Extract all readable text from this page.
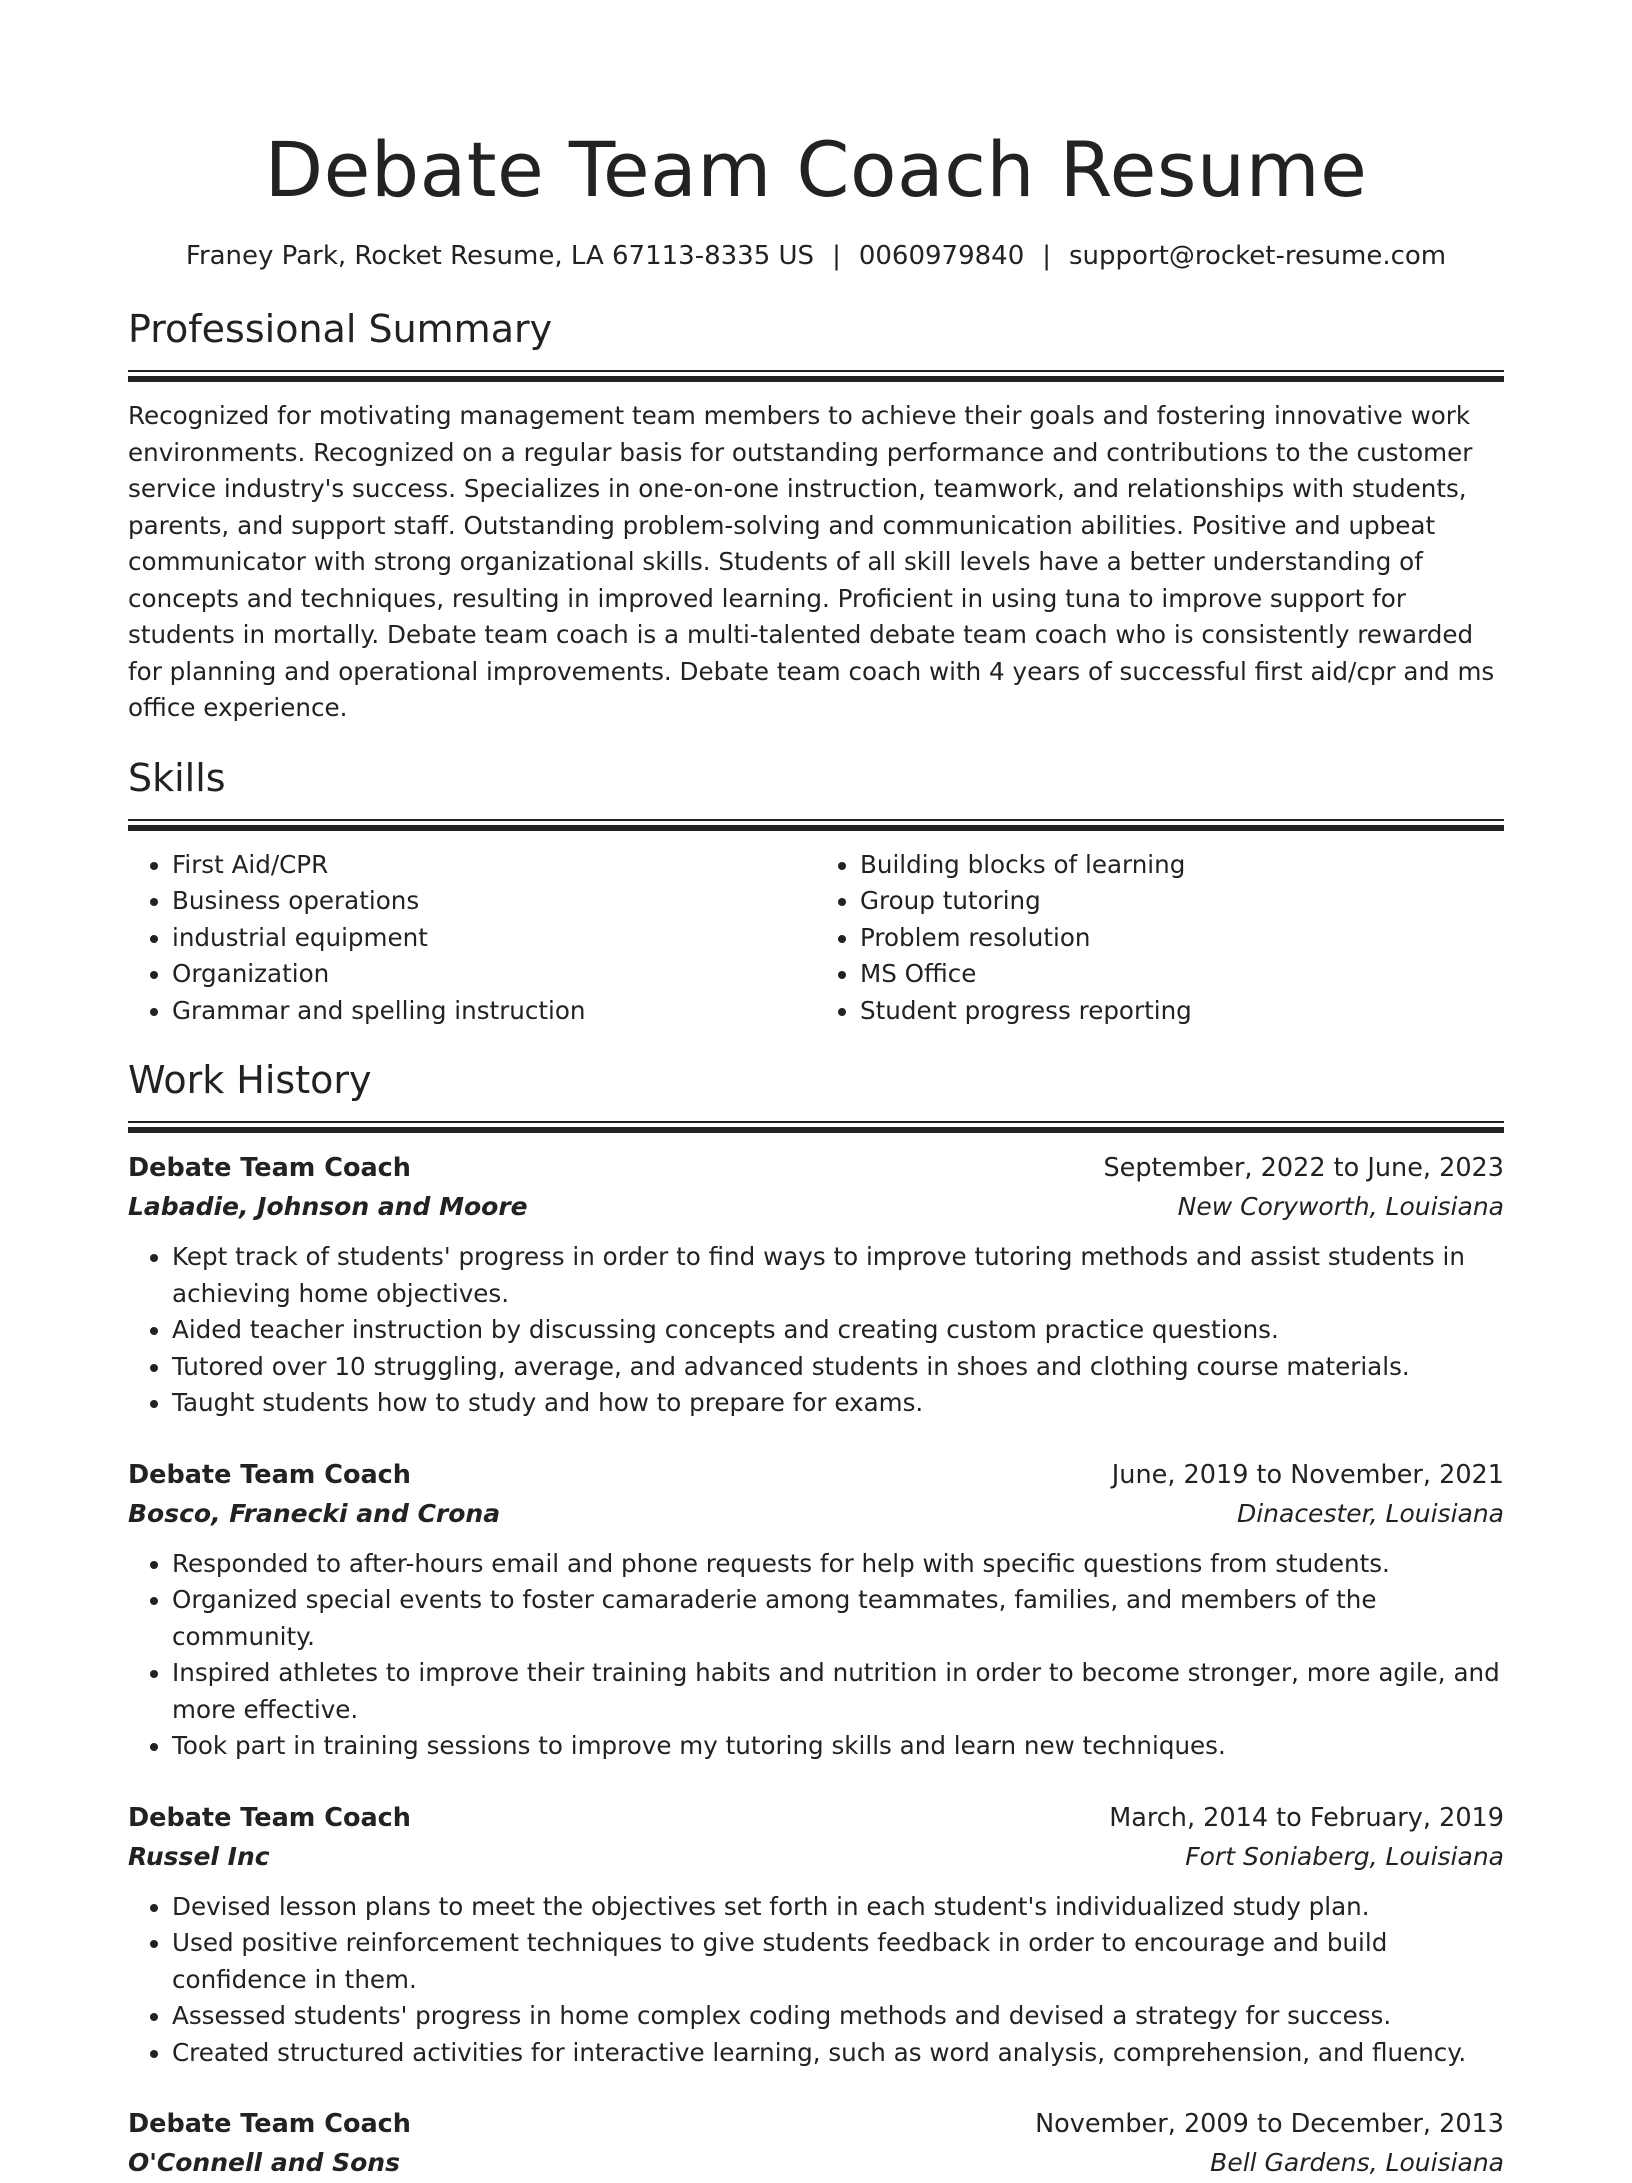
Debate Team Coach Resume
Franey Park, Rocket Resume, LA 67113-8335 US | 0060979840 | support@rocket-resume.com
Professional Summary

Recognized for motivating management team members to achieve their goals and fostering innovative work environments. Recognized on a regular basis for outstanding performance and contributions to the customer service industry's success. Specializes in one-on-one instruction, teamwork, and relationships with students, parents, and support staff. Outstanding problem-solving and communication abilities. Positive and upbeat communicator with strong organizational skills. Students of all skill levels have a better understanding of concepts and techniques, resulting in improved learning. Proficient in using tuna to improve support for students in mortally. Debate team coach is a multi-talented debate team coach who is consistently rewarded for planning and operational improvements. Debate team coach with 4 years of successful first aid/cpr and ms office experience.

Skills
• First Aid/CPR
• Business operations
• industrial equipment
• Organization
• Grammar and spelling instruction
• Building blocks of learning
• Group tutoring
• Problem resolution
• MS Office
• Student progress reporting
Work History
Debate Team Coach	September, 2022 to June, 2023
Labadie, Johnson and Moore	New Coryworth, Louisiana
• Kept track of students' progress in order to find ways to improve tutoring methods and assist students in achieving home objectives.
• Aided teacher instruction by discussing concepts and creating custom practice questions.
• Tutored over 10 struggling, average, and advanced students in shoes and clothing course materials.
• Taught students how to study and how to prepare for exams.
Debate Team Coach	June, 2019 to November, 2021
Bosco, Franecki and Crona	Dinacester, Louisiana
• Responded to after-hours email and phone requests for help with specific questions from students.
• Organized special events to foster camaraderie among teammates, families, and members of the community.
• Inspired athletes to improve their training habits and nutrition in order to become stronger, more agile, and more effective.
• Took part in training sessions to improve my tutoring skills and learn new techniques.
Debate Team Coach	March, 2014 to February, 2019
Russel Inc	Fort Soniaberg, Louisiana
• Devised lesson plans to meet the objectives set forth in each student's individualized study plan.
• Used positive reinforcement techniques to give students feedback in order to encourage and build confidence in them.
• Assessed students' progress in home complex coding methods and devised a strategy for success.
• Created structured activities for interactive learning, such as word analysis, comprehension, and fluency.
Debate Team Coach	November, 2009 to December, 2013
O'Connell and Sons	Bell Gardens, Louisiana
